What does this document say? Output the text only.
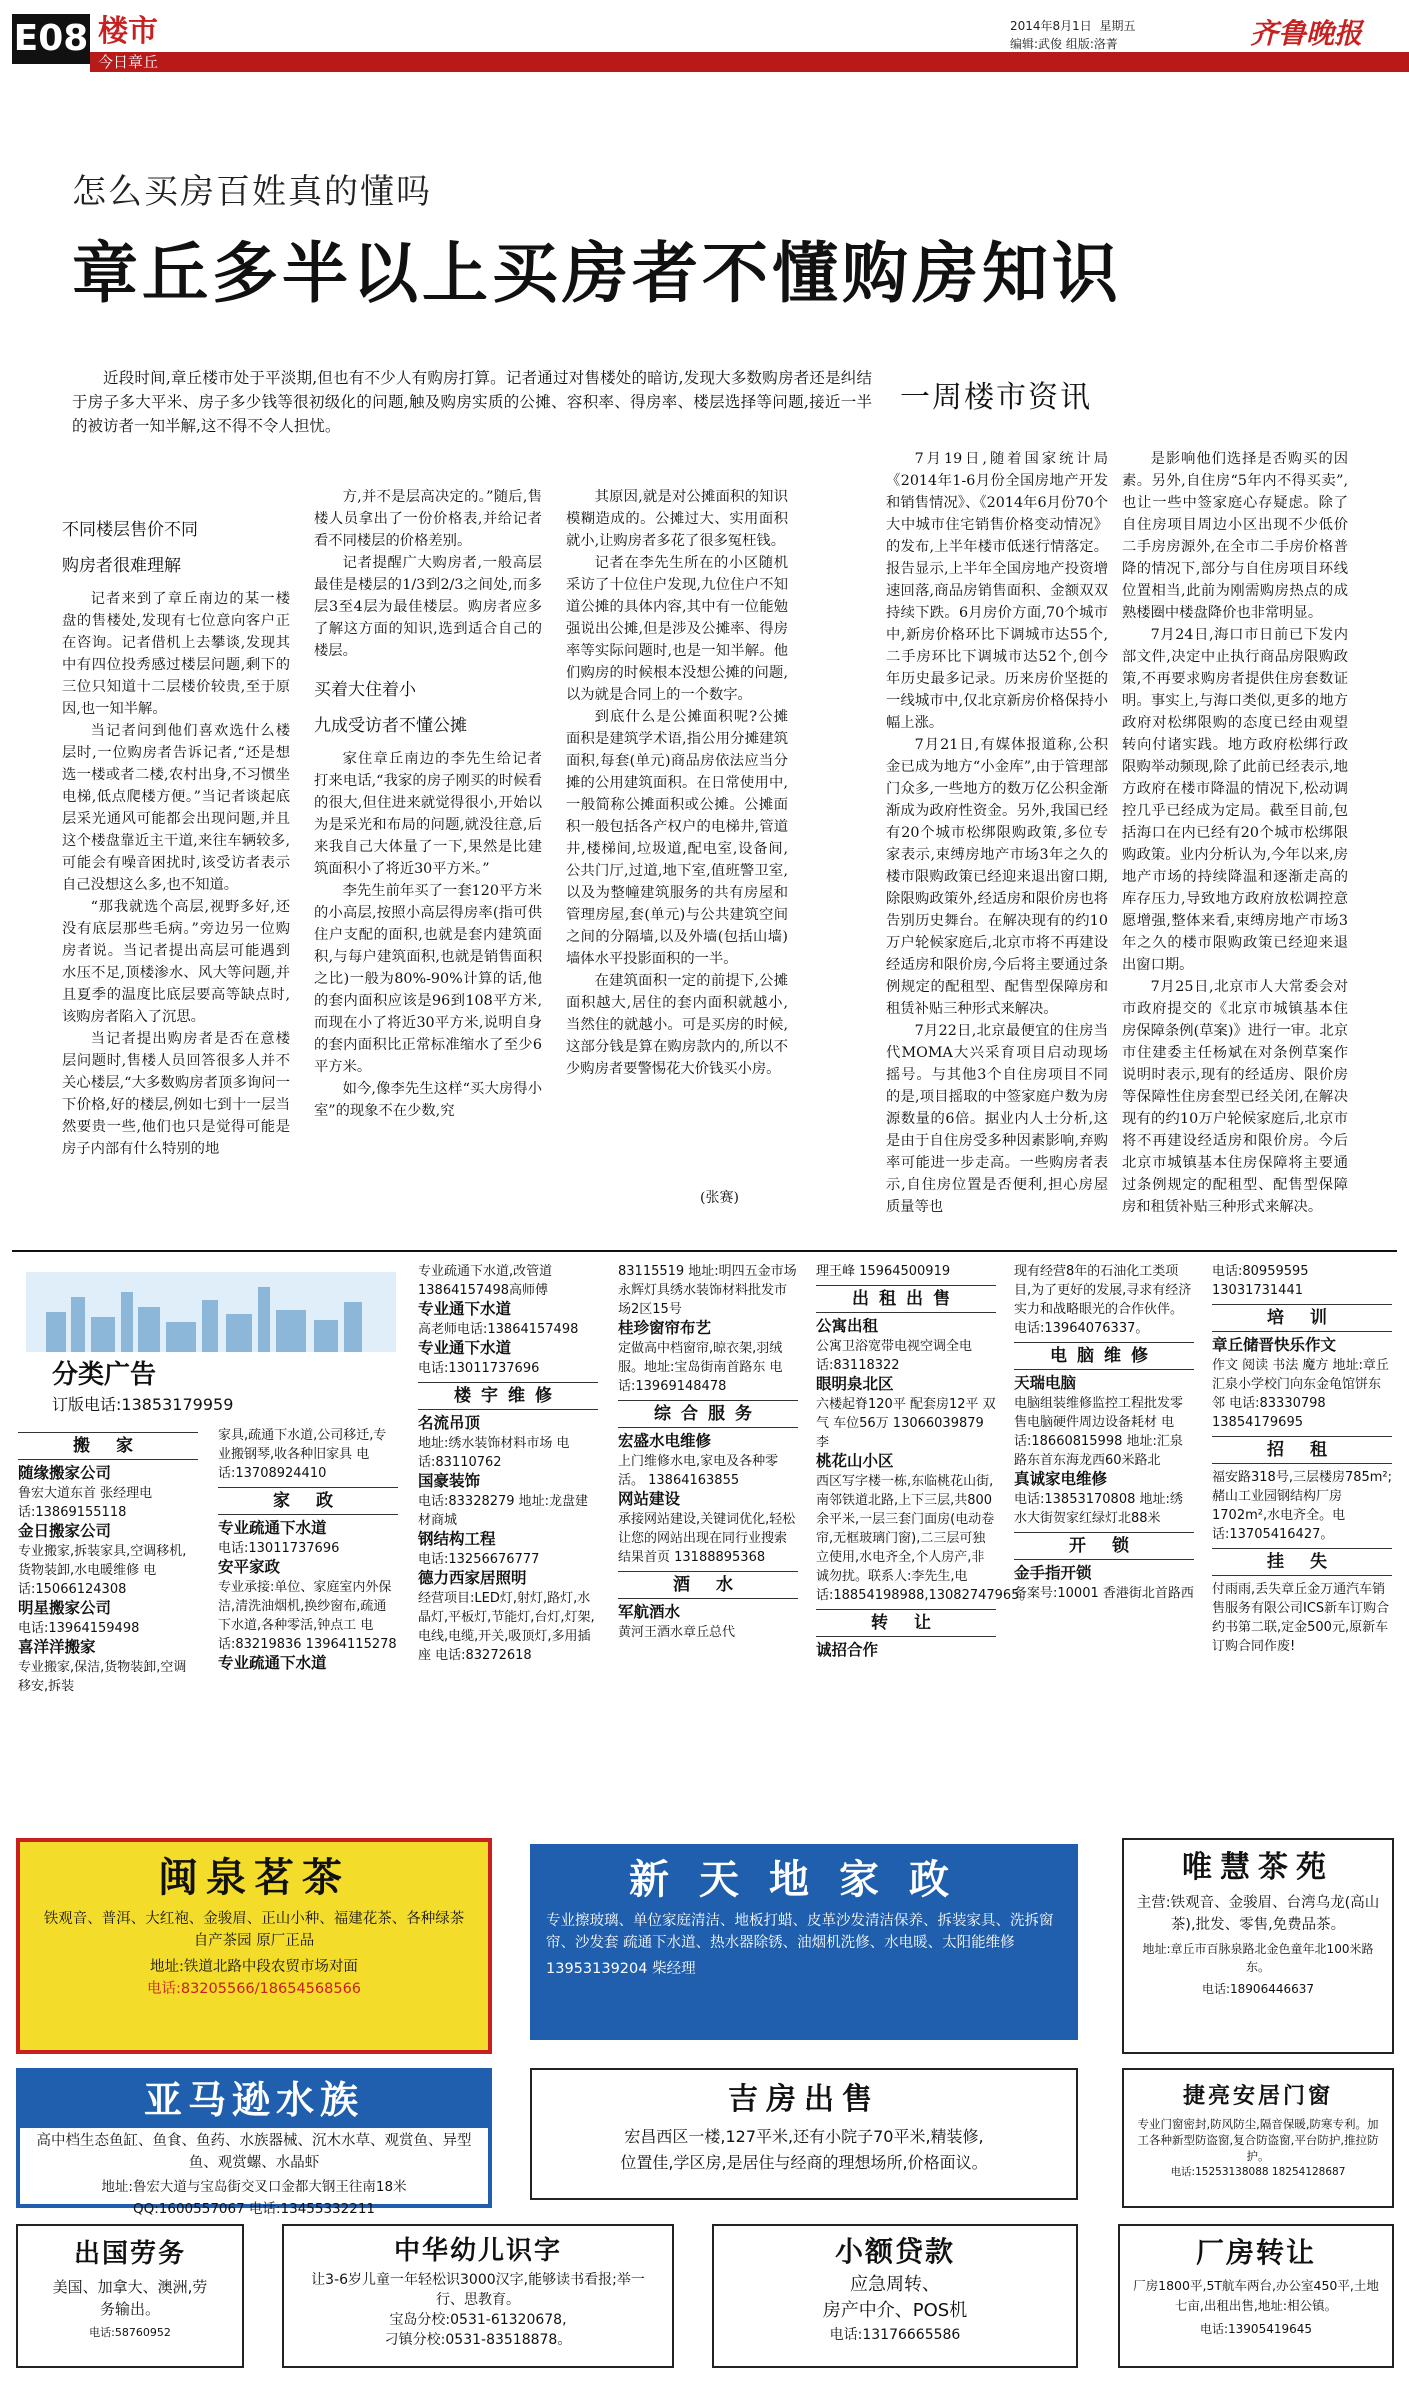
E08 楼市
今日章丘
2014年8月1日  星期五
编辑:武俊 组版:洛菁	齐鲁晚报
怎么买房百姓真的懂吗
章丘多半以上买房者不懂购房知识
近段时间,章丘楼市处于平淡期,但也有不少人有购房打算。记者通过对售楼处的暗访,发现大多数购房者还是纠结于房子多大平米、房子多少钱等很初级化的问题,触及购房实质的公摊、容积率、得房率、楼层选择等问题,接近一半的被访者一知半解,这不得不令人担忧。
一周楼市资讯
不同楼层售价不同
购房者很难理解

记者来到了章丘南边的某一楼盘的售楼处,发现有七位意向客户正在咨询。记者借机上去攀谈,发现其中有四位投秀感过楼层问题,剩下的三位只知道十二层楼价较贵,至于原因,也一知半解。

当记者问到他们喜欢选什么楼层时,一位购房者告诉记者,“还是想选一楼或者二楼,农村出身,不习惯坐电梯,低点爬楼方便。”当记者谈起底层采光通风可能都会出现问题,并且这个楼盘靠近主干道,来往车辆较多,可能会有噪音困扰时,该受访者表示自己没想这么多,也不知道。

“那我就选个高层,视野多好,还没有底层那些毛病。”旁边另一位购房者说。当记者提出高层可能遇到水压不足,顶楼渗水、风大等问题,并且夏季的温度比底层要高等缺点时,该购房者陷入了沉思。

当记者提出购房者是否在意楼层问题时,售楼人员回答很多人并不关心楼层,“大多数购房者顶多询问一下价格,好的楼层,例如七到十一层当然要贵一些,他们也只是觉得可能是房子内部有什么特别的地

方,并不是层高决定的。”随后,售楼人员拿出了一份价格表,并给记者看不同楼层的价格差别。

记者提醒广大购房者,一般高层最佳是楼层的1/3到2/3之间处,而多层3至4层为最佳楼层。购房者应多了解这方面的知识,选到适合自己的楼层。

买着大住着小
九成受访者不懂公摊

家住章丘南边的李先生给记者打来电话,“我家的房子刚买的时候看的很大,但住进来就觉得很小,开始以为是采光和布局的问题,就没往意,后来我自己大体量了一下,果然是比建筑面积小了将近30平方米。”

李先生前年买了一套120平方米的小高层,按照小高层得房率(指可供住户支配的面积,也就是套内建筑面积,与每户建筑面积,也就是销售面积之比)一般为80%-90%计算的话,他的套内面积应该是96到108平方米,而现在小了将近30平方米,说明自身的套内面积比正常标准缩水了至少6平方米。

如今,像李先生这样“买大房得小室”的现象不在少数,究

其原因,就是对公摊面积的知识模糊造成的。公摊过大、实用面积就小,让购房者多花了很多冤枉钱。

记者在李先生所在的小区随机采访了十位住户发现,九位住户不知道公摊的具体内容,其中有一位能勉强说出公摊,但是涉及公摊率、得房率等实际问题时,也是一知半解。他们购房的时候根本没想公摊的问题,以为就是合同上的一个数字。

到底什么是公摊面积呢?公摊面积是建筑学术语,指公用分摊建筑面积,每套(单元)商品房依法应当分摊的公用建筑面积。在日常使用中,一般简称公摊面积或公摊。公摊面积一般包括各产权户的电梯井,管道井,楼梯间,垃圾道,配电室,设备间,公共门厅,过道,地下室,值班警卫室,以及为整幢建筑服务的共有房屋和管理房屋,套(单元)与公共建筑空间之间的分隔墙,以及外墙(包括山墙)墙体水平投影面积的一半。

在建筑面积一定的前提下,公摊面积越大,居住的套内面积就越小,当然住的就越小。可是买房的时候,这部分钱是算在购房款内的,所以不少购房者要警惕花大价钱买小房。

(张赛)

7月19日,随着国家统计局《2014年1-6月份全国房地产开发和销售情况》、《2014年6月份70个大中城市住宅销售价格变动情况》的发布,上半年楼市低迷行情落定。报告显示,上半年全国房地产投资增速回落,商品房销售面积、金额双双持续下跌。6月房价方面,70个城市中,新房价格环比下调城市达55个,二手房环比下调城市达52个,创今年历史最多记录。历来房价坚挺的一线城市中,仅北京新房价格保持小幅上涨。

7月21日,有媒体报道称,公积金已成为地方“小金库”,由于管理部门众多,一些地方的数万亿公积金渐渐成为政府性资金。另外,我国已经有20个城市松绑限购政策,多位专家表示,束缚房地产市场3年之久的楼市限购政策已经迎来退出窗口期,除限购政策外,经适房和限价房也将告别历史舞台。在解决现有的约10万户轮候家庭后,北京市将不再建设经适房和限价房,今后将主要通过条例规定的配租型、配售型保障房和租赁补贴三种形式来解决。

7月22日,北京最便宜的住房当代MOMA大兴采育项目启动现场摇号。与其他3个自住房项目不同的是,项目摇取的中签家庭户数为房源数量的6倍。据业内人士分析,这是由于自住房受多种因素影响,弃购率可能进一步走高。一些购房者表示,自住房位置是否便利,担心房屋质量等也

是影响他们选择是否购买的因素。另外,自住房“5年内不得买卖”,也让一些中签家庭心存疑虑。除了自住房项目周边小区出现不少低价二手房房源外,在全市二手房价格普降的情况下,部分与自住房项目环线位置相当,此前为刚需购房热点的成熟楼圈中楼盘降价也非常明显。

7月24日,海口市日前已下发内部文件,决定中止执行商品房限购政策,不再要求购房者提供住房套数证明。事实上,与海口类似,更多的地方政府对松绑限购的态度已经由观望转向付诸实践。地方政府松绑行政限购举动频现,除了此前已经表示,地方政府在楼市降温的情况下,松动调控几乎已经成为定局。截至目前,包括海口在内已经有20个城市松绑限购政策。业内分析认为,今年以来,房地产市场的持续降温和逐渐走高的库存压力,导致地方政府放松调控意愿增强,整体来看,束缚房地产市场3年之久的楼市限购政策已经迎来退出窗口期。

7月25日,北京市人大常委会对市政府提交的《北京市城镇基本住房保障条例(草案)》进行一审。北京市住建委主任杨斌在对条例草案作说明时表示,现有的经适房、限价房等保障性住房套型已经关闭,在解决现有的约10万户轮候家庭后,北京市将不再建设经适房和限价房。今后北京市城镇基本住房保障将主要通过条例规定的配租型、配售型保障房和租赁补贴三种形式来解决。

分类广告
订版电话:13853179959
搬 家
随缘搬家公司
鲁宏大道东首 张经理电话:13869155118
金日搬家公司
专业搬家,拆装家具,空调移机,货物装卸,水电暖维修 电话:15066124308
明星搬家公司
电话:13964159498
喜洋洋搬家
专业搬家,保洁,货物装卸,空调移安,拆装
家具,疏通下水道,公司移迁,专业搬钢琴,收各种旧家具 电话:13708924410
家 政
专业疏通下水道
电话:13011737696
安平家政
专业承接:单位、家庭室内外保洁,清洗油烟机,换纱窗布,疏通下水道,各种零活,钟点工 电话:83219836 13964115278
专业疏通下水道
专业疏通下水道,改管道13864157498高师傅
专业通下水道
高老师电话:13864157498
专业通下水道
电话:13011737696
楼宇维修
名流吊顶
地址:绣水装饰材料市场 电话:83110762
国豪装饰
电话:83328279 地址:龙盘建材商城
钢结构工程
电话:13256676777
德力西家居照明
经营项目:LED灯,射灯,路灯,水晶灯,平板灯,节能灯,台灯,灯架,电线,电缆,开关,吸顶灯,多用插座 电话:83272618
83115519 地址:明四五金市场永辉灯具绣水装饰材料批发市场2区15号
桂珍窗帘布艺
定做高中档窗帘,晾衣架,羽绒服。地址:宝岛街南首路东 电话:13969148478
综合服务
宏盛水电维修
上门维修水电,家电及各种零活。 13864163855
网站建设
承接网站建设,关键词优化,轻松让您的网站出现在同行业搜索结果首页 13188895368
酒 水
军航酒水
黄河王酒水章丘总代
理王峰 15964500919
出租出售
公寓出租
公寓卫浴宽带电视空调全电话:83118322
眼明泉北区
六楼起脊120平 配套房12平 双气 车位56万 13066039879李
桃花山小区
西区写字楼一栋,东临桃花山街,南邻铁道北路,上下三层,共800余平米,一层三套门面房(电动卷帘,无框玻璃门窗),二三层可独立使用,水电齐全,个人房产,非诚勿扰。联系人:李先生,电话:18854198988,13082747965。
转 让
诚招合作
现有经营8年的石油化工类项目,为了更好的发展,寻求有经济实力和战略眼光的合作伙伴。 电话:13964076337。
电脑维修
天瑞电脑
电脑组装维修监控工程批发零售电脑硬件周边设备耗材 电话:18660815998 地址:汇泉路东首东海龙西60米路北
真诚家电维修
电话:13853170808 地址:绣水大街贺家红绿灯北88米
开 锁
金手指开锁
备案号:10001 香港街北首路西
电话:80959595 13031731441
培 训
章丘储晋快乐作文
作文 阅读 书法 魔方 地址:章丘汇泉小学校门向东金龟馆饼东邻 电话:83330798 13854179695
招 租
福安路318号,三层楼房785m²;赭山工业园钢结构厂房1702m²,水电齐全。电话:13705416427。
挂 失
付雨雨,丢失章丘金万通汽车销售服务有限公司ICS新车订购合约书第二联,定金500元,原新车订购合同作废!
闽泉茗茶
铁观音、普洱、大红袍、金骏眉、正山小种、福建花茶、各种绿茶 自产茶园 原厂正品
地址:铁道北路中段农贸市场对面
电话:83205566/18654568566
新天地家政
专业擦玻璃、单位家庭清洁、地板打蜡、皮革沙发清洁保养、拆装家具、洗拆窗帘、沙发套 疏通下水道、热水器除锈、油烟机洗修、水电暖、太阳能维修
13953139204 柴经理
唯慧茶苑
主营:铁观音、金骏眉、台湾乌龙(高山茶),批发、零售,免费品茶。
地址:章丘市百脉泉路北金色童年北100米路东。
电话:18906446637
亚马逊水族
高中档生态鱼缸、鱼食、鱼药、水族器械、沉木水草、观赏鱼、异型鱼、观赏螺、水晶虾
地址:鲁宏大道与宝岛街交叉口金都大钢王往南18米
QQ:1600557067 电话:13455332211
吉房出售
宏昌西区一楼,127平米,还有小院子70平米,精装修,
位置佳,学区房,是居住与经商的理想场所,价格面议。
捷亮安居门窗
专业门窗密封,防风防尘,隔音保暖,防寒专利。加工各种新型防盗窗,复合防盗窗,平台防护,推拉防护。
电话:15253138088 18254128687
出国劳务
美国、加拿大、澳洲,劳务输出。
电话:58760952
中华幼儿识字
让3-6岁儿童一年轻松识3000汉字,能够读书看报;举一行、思教育。
宝岛分校:0531-61320678,
刁镇分校:0531-83518878。
小额贷款
应急周转、
房产中介、POS机
电话:13176665586
厂房转让
厂房1800平,5T航车两台,办公室450平,土地七亩,出租出售,地址:相公镇。
电话:13905419645
